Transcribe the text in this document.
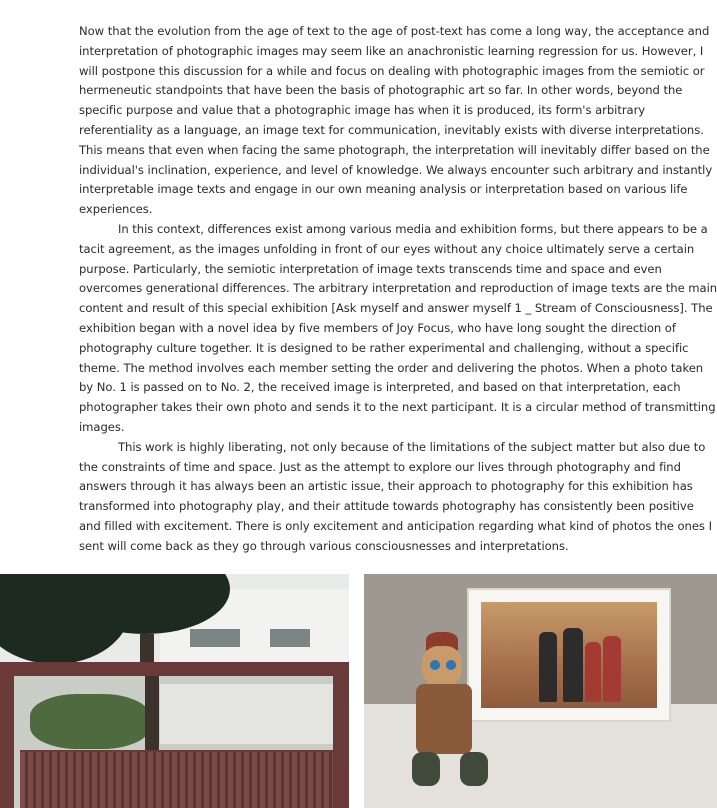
Now that the evolution from the age of text to the age of post-text has come a long way, the acceptance and interpretation of photographic images may seem like an anachronistic learning regression for us. However, I will postpone this discussion for a while and focus on dealing with photographic images from the semiotic or hermeneutic standpoints that have been the basis of photographic art so far. In other words, beyond the specific purpose and value that a photographic image has when it is produced, its form's arbitrary referentiality as a language, an image text for communication, inevitably exists with diverse interpretations. This means that even when facing the same photograph, the interpretation will inevitably differ based on the individual's inclination, experience, and level of knowledge. We always encounter such arbitrary and instantly interpretable image texts and engage in our own meaning analysis or interpretation based on various life experiences.

In this context, differences exist among various media and exhibition forms, but there appears to be a tacit agreement, as the images unfolding in front of our eyes without any choice ultimately serve a certain purpose. Particularly, the semiotic interpretation of image texts transcends time and space and even overcomes generational differences. The arbitrary interpretation and reproduction of image texts are the main content and result of this special exhibition [Ask myself and answer myself 1 _ Stream of Consciousness]. The exhibition began with a novel idea by five members of Joy Focus, who have long sought the direction of photography culture together. It is designed to be rather experimental and challenging, without a specific theme. The method involves each member setting the order and delivering the photos. When a photo taken by No. 1 is passed on to No. 2, the received image is interpreted, and based on that interpretation, each photographer takes their own photo and sends it to the next participant. It is a circular method of transmitting images.

This work is highly liberating, not only because of the limitations of the subject matter but also due to the constraints of time and space. Just as the attempt to explore our lives through photography and find answers through it has always been an artistic issue, their approach to photography for this exhibition has transformed into photography play, and their attitude towards photography has consistently been positive and filled with excitement. There is only excitement and anticipation regarding what kind of photos the ones I sent will come back as they go through various consciousnesses and interpretations.
